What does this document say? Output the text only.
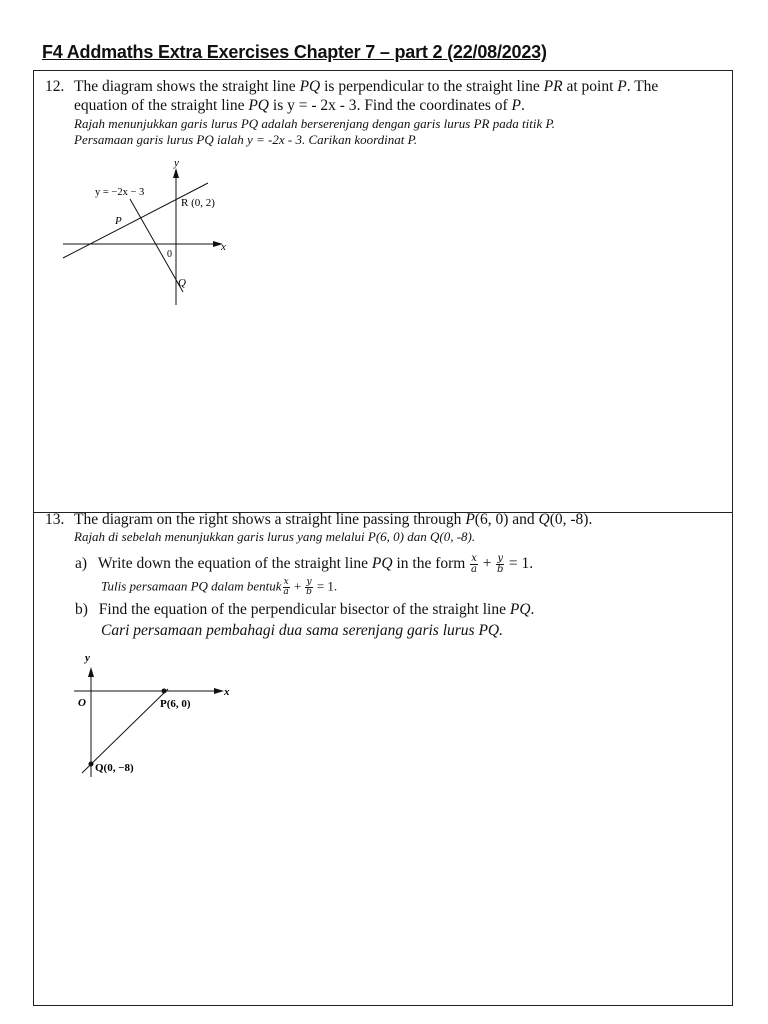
F4 Addmaths Extra Exercises Chapter 7 – part 2 (22/08/2023)
12. The diagram shows the straight line PQ is perpendicular to the straight line PR at point P. The
equation of the straight line PQ is y = - 2x - 3. Find the coordinates of P.
Rajah menunjukkan garis lurus PQ adalah berserenjang dengan garis lurus PR pada titik P.
Persamaan garis lurus PQ ialah y = -2x - 3. Carikan koordinat P.
y
x
y = −2x − 3
R (0, 2)
P
0
Q
13. The diagram on the right shows a straight line passing through P(6, 0) and Q(0, -8).
Rajah di sebelah menunjukkan garis lurus yang melalui P(6, 0) dan Q(0, -8).
a) Write down the equation of the straight line PQ in the form $\frac{x}{a} + \frac{y}{b} = 1$.
Tulis persamaan PQ dalam bentuk $\frac{x}{a} + \frac{y}{b} = 1$.
b) Find the equation of the perpendicular bisector of the straight line PQ.
Cari persamaan pembahagi dua sama serenjang garis lurus PQ.
y
x
O	P(6, 0)
Q(0, −8)
